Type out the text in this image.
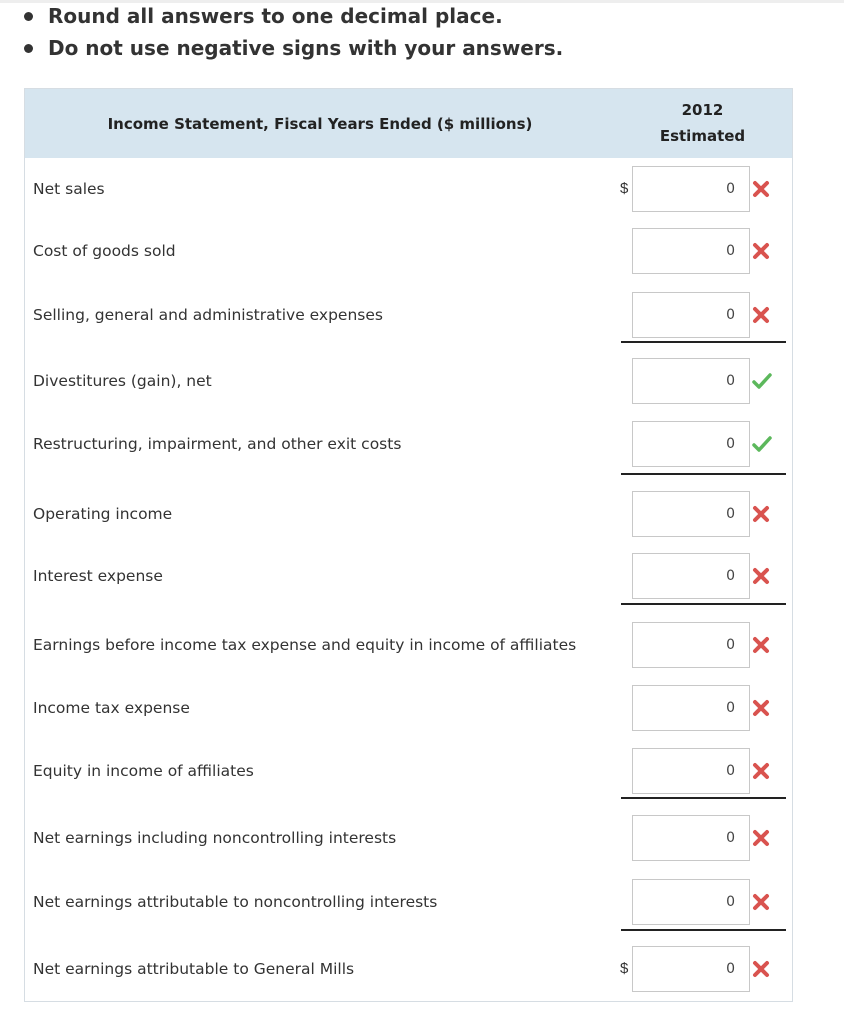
Round all answers to one decimal place.
Do not use negative signs with your answers.
Income Statement, Fiscal Years Ended ($ millions)
2012
Estimated
Net sales	$	0
Cost of goods sold	0
Selling, general and administrative expenses	0
Divestitures (gain), net	0
Restructuring, impairment, and other exit costs	0
Operating income	0
Interest expense	0
Earnings before income tax expense and equity in income of affiliates	0
Income tax expense	0
Equity in income of affiliates	0
Net earnings including noncontrolling interests	0
Net earnings attributable to noncontrolling interests	0
Net earnings attributable to General Mills	$	0
